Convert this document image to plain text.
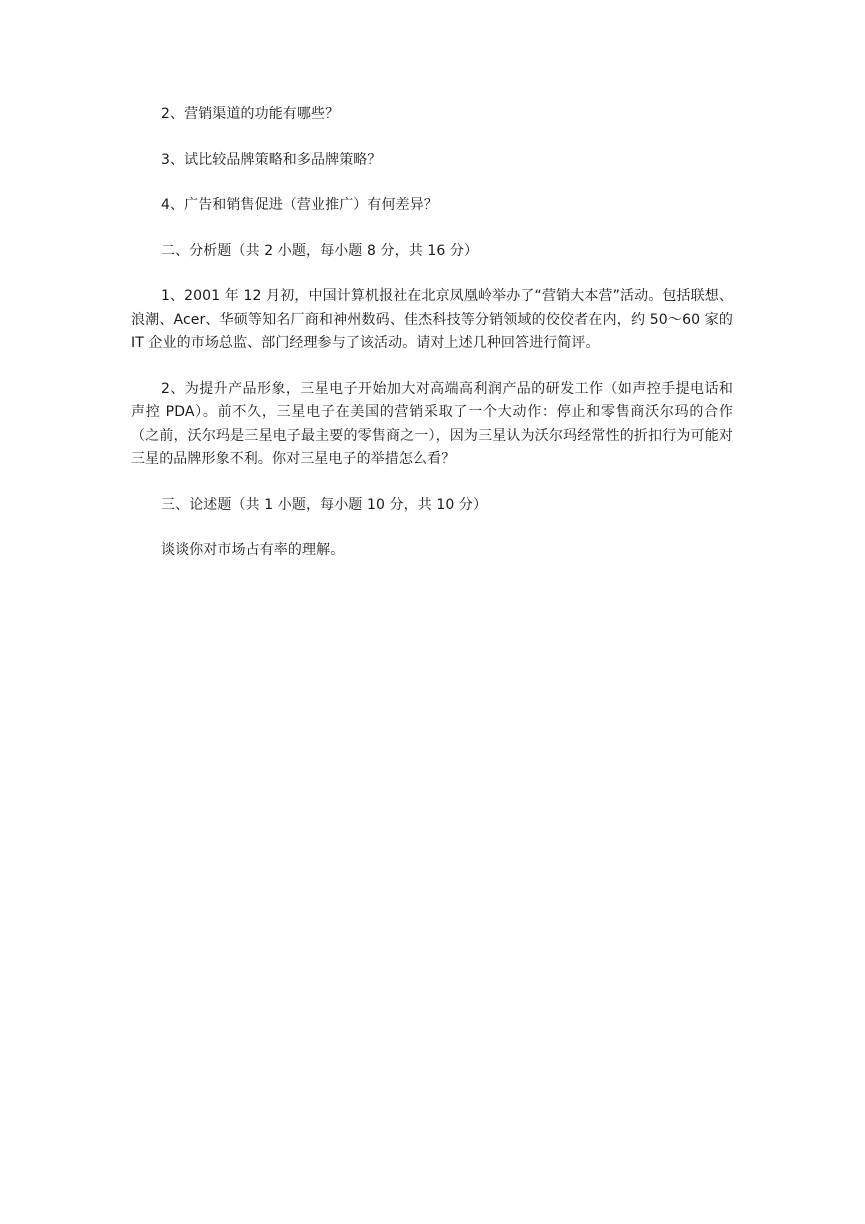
2、营销渠道的功能有哪些？

3、试比较品牌策略和多品牌策略？

4、广告和销售促进（营业推广）有何差异？

二、分析题（共 2 小题，每小题 8 分，共 16 分）

1、2001 年 12 月初，中国计算机报社在北京凤凰岭举办了“营销大本营”活动。包括联想、浪潮、Acer、华硕等知名厂商和神州数码、佳杰科技等分销领域的佼佼者在内，约 50～60 家的 IT 企业的市场总监、部门经理参与了该活动。请对上述几种回答进行简评。

2、为提升产品形象，三星电子开始加大对高端高利润产品的研发工作（如声控手提电话和声控 PDA）。前不久，三星电子在美国的营销采取了一个大动作：停止和零售商沃尔玛的合作（之前，沃尔玛是三星电子最主要的零售商之一），因为三星认为沃尔玛经常性的折扣行为可能对三星的品牌形象不利。你对三星电子的举措怎么看？

三、论述题（共 1 小题，每小题 10 分，共 10 分）

谈谈你对市场占有率的理解。
